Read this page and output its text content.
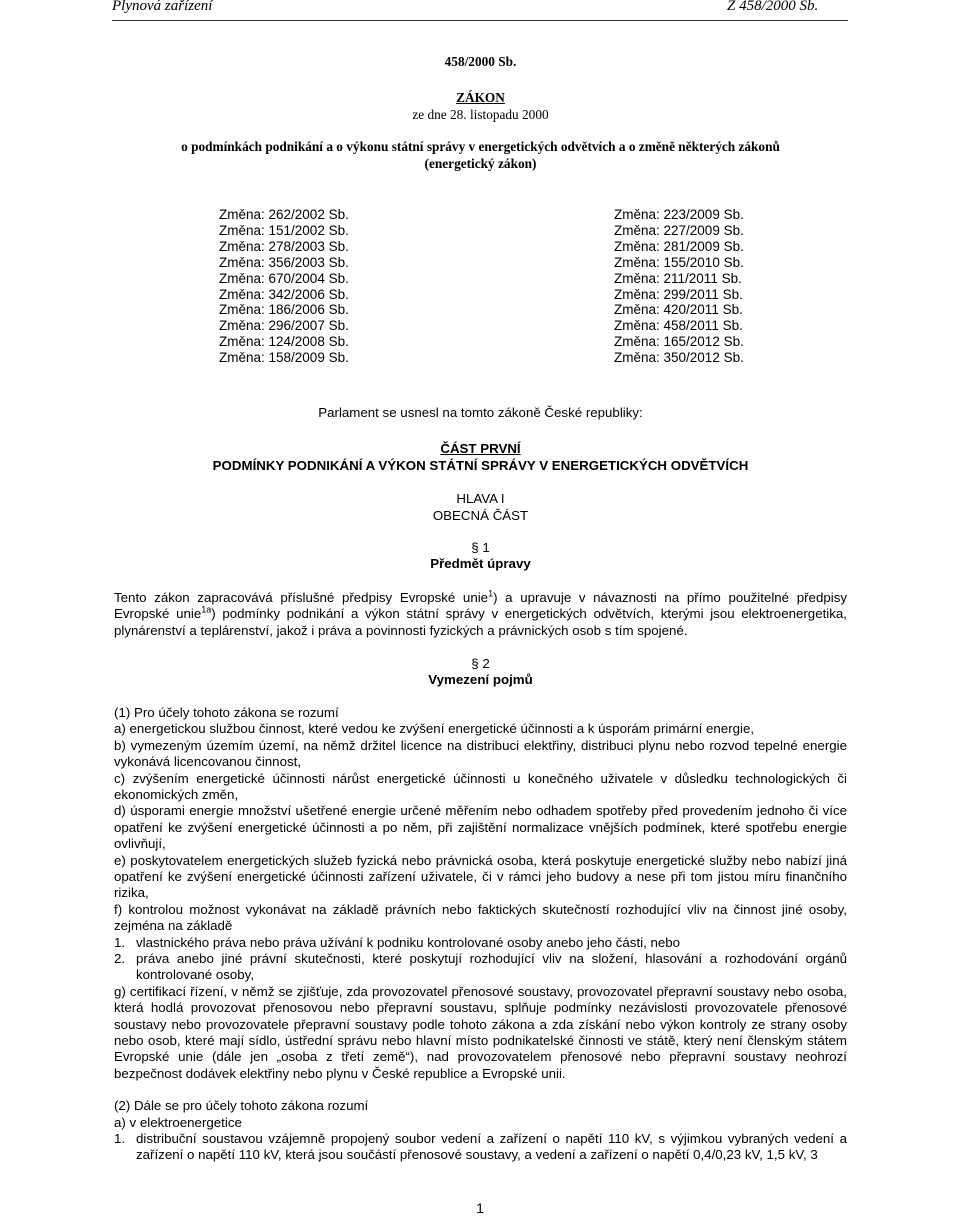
Plynová zařízení	Z 458/2000 Sb.

458/2000 Sb.

ZÁKON

ze dne 28. listopadu 2000

o podmínkách podnikání a o výkonu státní správy v energetických odvětvích a o změně některých zákonů

(energetický zákon)

Změna: 262/2002 Sb.
Změna: 151/2002 Sb.
Změna: 278/2003 Sb.
Změna: 356/2003 Sb.
Změna: 670/2004 Sb.
Změna: 342/2006 Sb.
Změna: 186/2006 Sb.
Změna: 296/2007 Sb.
Změna: 124/2008 Sb.
Změna: 158/2009 Sb.
Změna: 223/2009 Sb.
Změna: 227/2009 Sb.
Změna: 281/2009 Sb.
Změna: 155/2010 Sb.
Změna: 211/2011 Sb.
Změna: 299/2011 Sb.
Změna: 420/2011 Sb.
Změna: 458/2011 Sb.
Změna: 165/2012 Sb.
Změna: 350/2012 Sb.

Parlament se usnesl na tomto zákoně České republiky:

ČÁST PRVNÍ

PODMÍNKY PODNIKÁNÍ A VÝKON STÁTNÍ SPRÁVY V ENERGETICKÝCH ODVĚTVÍCH

HLAVA I

OBECNÁ ČÁST

§ 1

Předmět úpravy

Tento zákon zapracovává příslušné předpisy Evropské unie$^1$) a upravuje v návaznosti na přímo použitelné předpisy Evropské unie$^{1a}$) podmínky podnikání a výkon státní správy v energetických odvětvích, kterými jsou elektroenergetika, plynárenství a teplárenství, jakož i práva a povinnosti fyzických a právnických osob s tím spojené.

§ 2

Vymezení pojmů

(1) Pro účely tohoto zákona se rozumí

a) energetickou službou činnost, které vedou ke zvýšení energetické účinnosti a k úsporám primární energie,

b) vymezeným územím území, na němž držitel licence na distribuci elektřiny, distribuci plynu nebo rozvod tepelné energie vykonává licencovanou činnost,

c) zvýšením energetické účinnosti nárůst energetické účinnosti u konečného uživatele v důsledku technologických či ekonomických změn,

d) úsporami energie množství ušetřené energie určené měřením nebo odhadem spotřeby před provedením jednoho či více opatření ke zvýšení energetické účinnosti a po něm, při zajištění normalizace vnějších podmínek, které spotřebu energie ovlivňují,

e) poskytovatelem energetických služeb fyzická nebo právnická osoba, která poskytuje energetické služby nebo nabízí jiná opatření ke zvýšení energetické účinnosti zařízení uživatele, či v rámci jeho budovy a nese při tom jistou míru finančního rizika,

f) kontrolou možnost vykonávat na základě právních nebo faktických skutečností rozhodující vliv na činnost jiné osoby, zejména na základě

1. vlastnického práva nebo práva užívání k podniku kontrolované osoby anebo jeho části, nebo
2. práva anebo jiné právní skutečnosti, které poskytují rozhodující vliv na složení, hlasování a rozhodování orgánů kontrolované osoby,

g) certifikací řízení, v němž se zjišťuje, zda provozovatel přenosové soustavy, provozovatel přepravní soustavy nebo osoba, která hodlá provozovat přenosovou nebo přepravní soustavu, splňuje podmínky nezávislosti provozovatele přenosové soustavy nebo provozovatele přepravní soustavy podle tohoto zákona a zda získání nebo výkon kontroly ze strany osoby nebo osob, které mají sídlo, ústřední správu nebo hlavní místo podnikatelské činnosti ve státě, který není členským státem Evropské unie (dále jen „osoba z třetí země“), nad provozovatelem přenosové nebo přepravní soustavy neohrozí bezpečnost dodávek elektřiny nebo plynu v České republice a Evropské unii.

(2) Dále se pro účely tohoto zákona rozumí

a) v elektroenergetice

1. distribuční soustavou vzájemně propojený soubor vedení a zařízení o napětí 110 kV, s výjimkou vybraných vedení a zařízení o napětí 110 kV, která jsou součástí přenosové soustavy, a vedení a zařízení o napětí 0,4/0,23 kV, 1,5 kV, 3
1
